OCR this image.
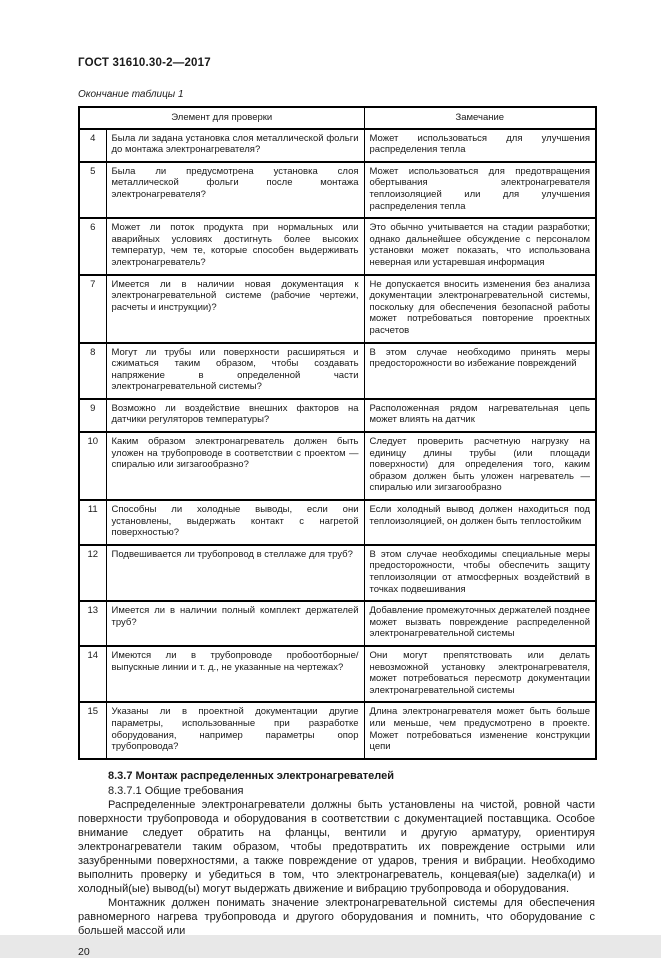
ГОСТ 31610.30-2—2017
Окончание таблицы 1
Элемент для проверки		Замечание
4	Была ли задана установка слоя металлической фольги до монтажа электронагревателя?	Может использоваться для улучшения распределения тепла
5	Была ли предусмотрена установка слоя металлической фольги после монтажа электронагревателя?	Может использоваться для предотвращения обертывания электронагревателя теплоизоляцией или для улучшения распределения тепла
6	Может ли поток продукта при нормальных или аварийных условиях достигнуть более высоких температур, чем те, которые способен выдерживать электронагреватель?	Это обычно учитывается на стадии разработки; однако дальнейшее обсуждение с персоналом установки может показать, что использована неверная или устаревшая информация
7	Имеется ли в наличии новая документация к электронагревательной системе (рабочие чертежи, расчеты и инструкции)?	Не допускается вносить изменения без анализа документации электронагревательной системы, поскольку для обеспечения безопасной работы может потребоваться повторение проектных расчетов
8	Могут ли трубы или поверхности расширяться и сжиматься таким образом, чтобы создавать напряжение в определенной части электронагревательной системы?	В этом случае необходимо принять меры предосторожности во избежание повреждений
9	Возможно ли воздействие внешних факторов на датчики регуляторов температуры?	Расположенная рядом нагревательная цепь может влиять на датчик
10	Каким образом электронагреватель должен быть уложен на трубопроводе в соответствии с проектом — спиралью или зигзагообразно?	Следует проверить расчетную нагрузку на единицу длины трубы (или площади поверхности) для определения того, каким образом должен быть уложен нагреватель — спиралью или зигзагообразно
11	Способны ли холодные выводы, если они установлены, выдержать контакт с нагретой поверхностью?	Если холодный вывод должен находиться под теплоизоляцией, он должен быть теплостойким
12	Подвешивается ли трубопровод в стеллаже для труб?	В этом случае необходимы специальные меры предосторожности, чтобы обеспечить защиту теплоизоляции от атмосферных воздействий в точках подвешивания
13	Имеется ли в наличии полный комплект держателей труб?	Добавление промежуточных держателей позднее может вызвать повреждение распределенной электронагревательной системы
14	Имеются ли в трубопроводе пробоотборные/выпускные линии и т. д., не указанные на чертежах?	Они могут препятствовать или делать невозможной установку электронагревателя, может потребоваться пересмотр документации электронагревательной системы
15	Указаны ли в проектной документации другие параметры, использованные при разработке оборудования, например параметры опор трубопровода?	Длина электронагревателя может быть больше или меньше, чем предусмотрено в проекте. Может потребоваться изменение конструкции цепи
8.3.7 Монтаж распределенных электронагревателей
8.3.7.1 Общие требования

Распределенные электронагреватели должны быть установлены на чистой, ровной части поверхности трубопровода и оборудования в соответствии с документацией поставщика. Особое внимание следует обратить на фланцы, вентили и другую арматуру, ориентируя электронагреватели таким образом, чтобы предотвратить их повреждение острыми или зазубренными поверхностями, а также повреждение от ударов, трения и вибрации. Необходимо выполнить проверку и убедиться в том, что электронагреватель, концевая(ые) заделка(и) и холодный(ые) вывод(ы) могут выдержать движение и вибрацию трубопровода и оборудования.

Монтажник должен понимать значение электронагревательной системы для обеспечения равномерного нагрева трубопровода и другого оборудования и помнить, что оборудование с большей массой или

20
